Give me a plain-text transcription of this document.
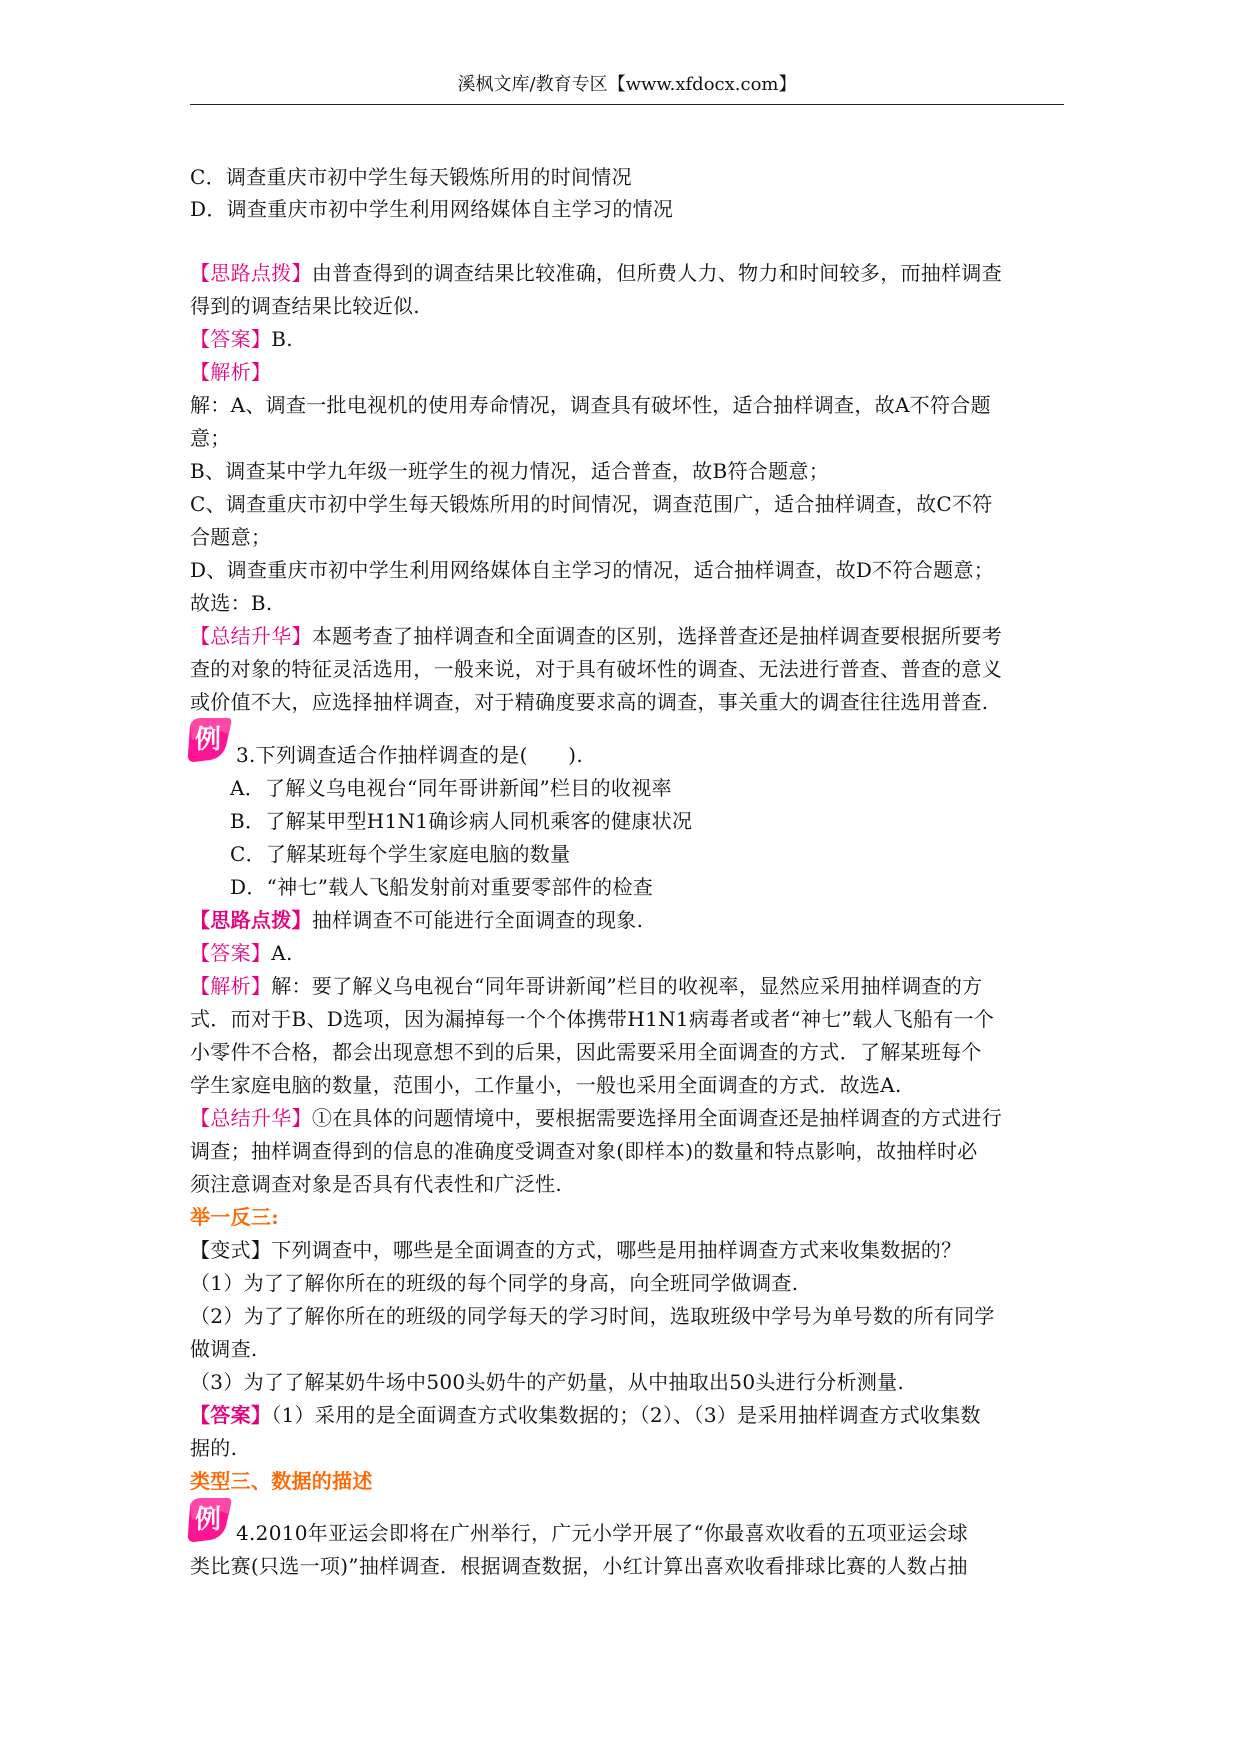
溪枫文库/教育专区【www.xfdocx.com】
C．调查重庆市初中学生每天锻炼所用的时间情况
D．调查重庆市初中学生利用网络媒体自主学习的情况
【思路点拨】由普查得到的调查结果比较准确，但所费人力、物力和时间较多，而抽样调查
得到的调查结果比较近似.
【答案】B.
【解析】
解：A、调查一批电视机的使用寿命情况，调查具有破坏性，适合抽样调查，故A不符合题
意；
B、调查某中学九年级一班学生的视力情况，适合普查，故B符合题意；
C、调查重庆市初中学生每天锻炼所用的时间情况，调查范围广，适合抽样调查，故C不符
合题意；
D、调查重庆市初中学生利用网络媒体自主学习的情况，适合抽样调查，故D不符合题意；
故选：B.
【总结升华】本题考查了抽样调查和全面调查的区别，选择普查还是抽样调查要根据所要考
查的对象的特征灵活选用，一般来说，对于具有破坏性的调查、无法进行普查、普查的意义
或价值不大，应选择抽样调查，对于精确度要求高的调查，事关重大的调查往往选用普查.
例 3.下列调查适合作抽样调查的是(　　).
A．了解义乌电视台“同年哥讲新闻”栏目的收视率
B．了解某甲型H1N1确诊病人同机乘客的健康状况
C．了解某班每个学生家庭电脑的数量
D．“神七”载人飞船发射前对重要零部件的检查
【思路点拨】抽样调查不可能进行全面调查的现象.
【答案】A.
【解析】解：要了解义乌电视台“同年哥讲新闻”栏目的收视率，显然应采用抽样调查的方
式．而对于B、D选项，因为漏掉每一个个体携带H1N1病毒者或者“神七”载人飞船有一个
小零件不合格，都会出现意想不到的后果，因此需要采用全面调查的方式．了解某班每个
学生家庭电脑的数量，范围小，工作量小，一般也采用全面调查的方式．故选A.
【总结升华】①在具体的问题情境中，要根据需要选择用全面调查还是抽样调查的方式进行
调查；抽样调查得到的信息的准确度受调查对象(即样本)的数量和特点影响，故抽样时必
须注意调查对象是否具有代表性和广泛性.
举一反三:
【变式】下列调查中，哪些是全面调查的方式，哪些是用抽样调查方式来收集数据的？
（1）为了了解你所在的班级的每个同学的身高，向全班同学做调查.
（2）为了了解你所在的班级的同学每天的学习时间，选取班级中学号为单号数的所有同学
做调查.
（3）为了了解某奶牛场中500头奶牛的产奶量，从中抽取出50头进行分析测量.
【答案】（1）采用的是全面调查方式收集数据的；（2）、（3）是采用抽样调查方式收集数
据的.
类型三、数据的描述
例 4.2010年亚运会即将在广州举行，广元小学开展了“你最喜欢收看的五项亚运会球
类比赛(只选一项)”抽样调查．根据调查数据，小红计算出喜欢收看排球比赛的人数占抽
